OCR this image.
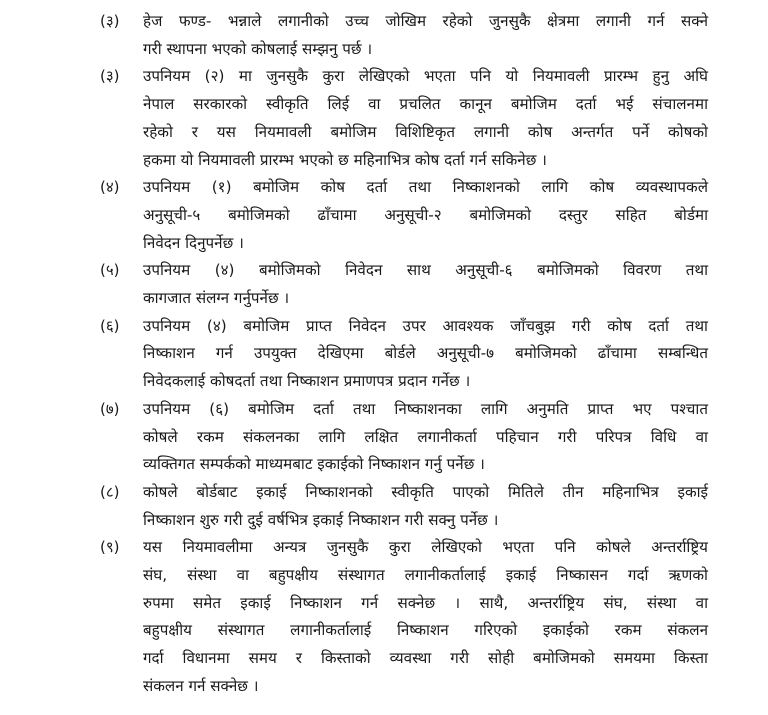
(३) हेज फण्ड- भन्नाले लगानीको उच्च जोखिम रहेको जुनसुकै क्षेत्रमा लगानी गर्न सक्ने
गरी स्थापना भएको कोषलाई सम्झनु पर्छ ।
(३) उपनियम (२) मा जुनसुकै कुरा लेखिएको भएता पनि यो नियमावली प्रारम्भ हुनु अघि
नेपाल सरकारको स्वीकृति लिई वा प्रचलित कानून बमोजिम दर्ता भई संचालनमा
रहेको र यस नियमावली बमोजिम विशिष्टिकृत लगानी कोष अन्तर्गत पर्ने कोषको
हकमा यो नियमावली प्रारम्भ भएको छ महिनाभित्र कोष दर्ता गर्न सकिनेछ ।
(४) उपनियम (१) बमोजिम कोष दर्ता तथा निष्काशनको लागि कोष व्यवस्थापकले
अनुसूची-५ बमोजिमको ढाँचामा अनुसूची-२ बमोजिमको दस्तुर सहित बोर्डमा
निवेदन दिनुपर्नेछ ।
(५) उपनियम (४) बमोजिमको निवेदन साथ अनुसूची-६ बमोजिमको विवरण तथा
कागजात संलग्न गर्नुपर्नेछ ।
(६) उपनियम (४) बमोजिम प्राप्त निवेदन उपर आवश्यक जाँचबुझ गरी कोष दर्ता तथा
निष्काशन गर्न उपयुक्त देखिएमा बोर्डले अनुसूची-७ बमोजिमको ढाँचामा सम्बन्धित
निवेदकलाई कोषदर्ता तथा निष्काशन प्रमाणपत्र प्रदान गर्नेछ ।
(७) उपनियम (६) बमोजिम दर्ता तथा निष्काशनका लागि अनुमति प्राप्त भए पश्चात
कोषले रकम संकलनका लागि लक्षित लगानीकर्ता पहिचान गरी परिपत्र विधि वा
व्यक्तिगत सम्पर्कको माध्यमबाट इकाईको निष्काशन गर्नु पर्नेछ ।
(८) कोषले बोर्डबाट इकाई निष्काशनको स्वीकृति पाएको मितिले तीन महिनाभित्र इकाई
निष्काशन शुरु गरी दुई वर्षभित्र इकाई निष्काशन गरी सक्नु पर्नेछ ।
(९) यस नियमावलीमा अन्यत्र जुनसुकै कुरा लेखिएको भएता पनि कोषले अन्तर्राष्ट्रिय
संघ, संस्था वा बहुपक्षीय संस्थागत लगानीकर्तालाई इकाई निष्कासन गर्दा ऋणको
रुपमा समेत इकाई निष्काशन गर्न सक्नेछ । साथै, अन्तर्राष्ट्रिय संघ, संस्था वा
बहुपक्षीय संस्थागत लगानीकर्तालाई निष्काशन गरिएको इकाईको रकम संकलन
गर्दा विधानमा समय र किस्ताको व्यवस्था गरी सोही बमोजिमको समयमा किस्ता
संकलन गर्न सक्नेछ ।
